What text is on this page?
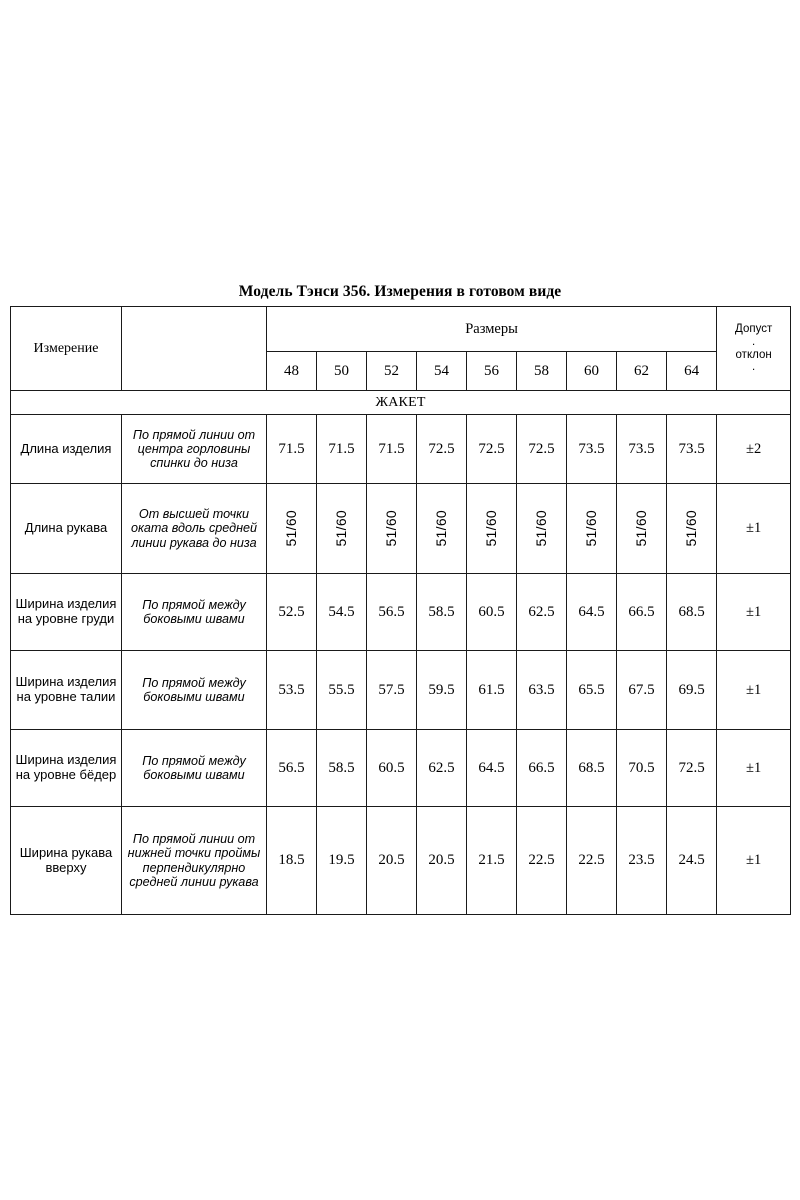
Модель Тэнси 356. Измерения в готовом виде
Измерение		Размеры									Допуст
.
отклон
.
		48	50	52	54	56	58	60	62	64	
ЖАКЕТ											
Длина изделия	По прямой линии от центра горловины спинки до низа	71.5	71.5	71.5	72.5	72.5	72.5	73.5	73.5	73.5	±2
Длина рукава	От высшей точки оката вдоль средней линии рукава до низа	51/60	51/60	51/60	51/60	51/60	51/60	51/60	51/60	51/60	±1
Ширина изделия на уровне груди	По прямой между боковыми швами	52.5	54.5	56.5	58.5	60.5	62.5	64.5	66.5	68.5	±1
Ширина изделия на уровне талии	По прямой между боковыми швами	53.5	55.5	57.5	59.5	61.5	63.5	65.5	67.5	69.5	±1
Ширина изделия на уровне бёдер	По прямой между боковыми швами	56.5	58.5	60.5	62.5	64.5	66.5	68.5	70.5	72.5	±1
Ширина рукава вверху	По прямой линии от нижней точки проймы перпендикулярно средней линии рукава	18.5	19.5	20.5	20.5	21.5	22.5	22.5	23.5	24.5	±1
